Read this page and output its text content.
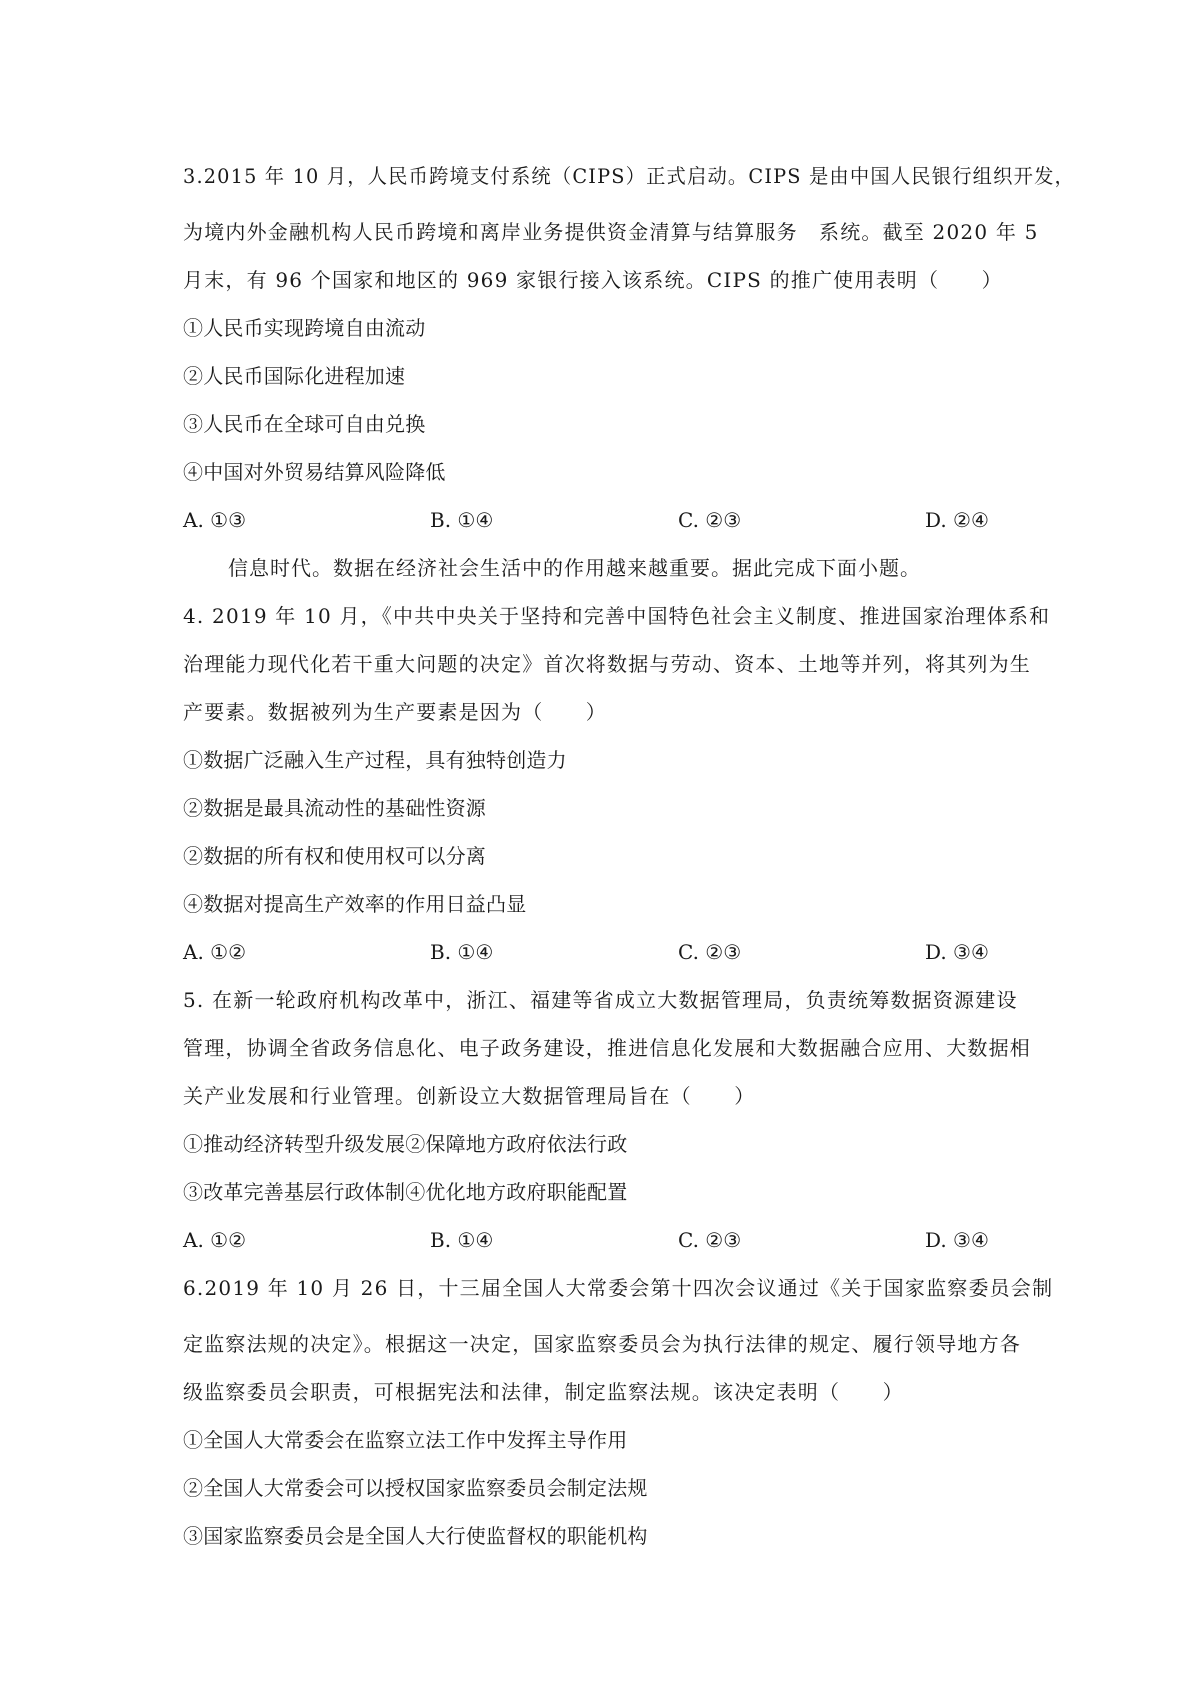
3.2015 年 10 月，人民币跨境支付系统（CIPS）正式启动。CIPS 是由中国人民银行组织开发，
为境内外金融机构人民币跨境和离岸业务提供资金清算与结算服务　系统。截至 2020 年 5
月末，有 96 个国家和地区的 969 家银行接入该系统。CIPS 的推广使用表明（　　）
①人民币实现跨境自由流动
②人民币国际化进程加速
③人民币在全球可自由兑换
④中国对外贸易结算风险降低
A. ①③	B. ①④	C. ②③	D. ②④
信息时代。数据在经济社会生活中的作用越来越重要。据此完成下面小题。
4. 2019 年 10 月，《中共中央关于坚持和完善中国特色社会主义制度、推进国家治理体系和
治理能力现代化若干重大问题的决定》首次将数据与劳动、资本、土地等并列，将其列为生
产要素。数据被列为生产要素是因为（　　）
①数据广泛融入生产过程，具有独特创造力
②数据是最具流动性的基础性资源
②数据的所有权和使用权可以分离
④数据对提高生产效率的作用日益凸显
A. ①②	B. ①④	C. ②③	D. ③④
5. 在新一轮政府机构改革中，浙江、福建等省成立大数据管理局，负责统筹数据资源建设
管理，协调全省政务信息化、电子政务建设，推进信息化发展和大数据融合应用、大数据相
关产业发展和行业管理。创新设立大数据管理局旨在（　　）
①推动经济转型升级发展②保障地方政府依法行政
③改革完善基层行政体制④优化地方政府职能配置
A. ①②	B. ①④	C. ②③	D. ③④
6.2019 年 10 月 26 日，十三届全国人大常委会第十四次会议通过《关于国家监察委员会制
定监察法规的决定》。根据这一决定，国家监察委员会为执行法律的规定、履行领导地方各
级监察委员会职责，可根据宪法和法律，制定监察法规。该决定表明（　　）
①全国人大常委会在监察立法工作中发挥主导作用
②全国人大常委会可以授权国家监察委员会制定法规
③国家监察委员会是全国人大行使监督权的职能机构
